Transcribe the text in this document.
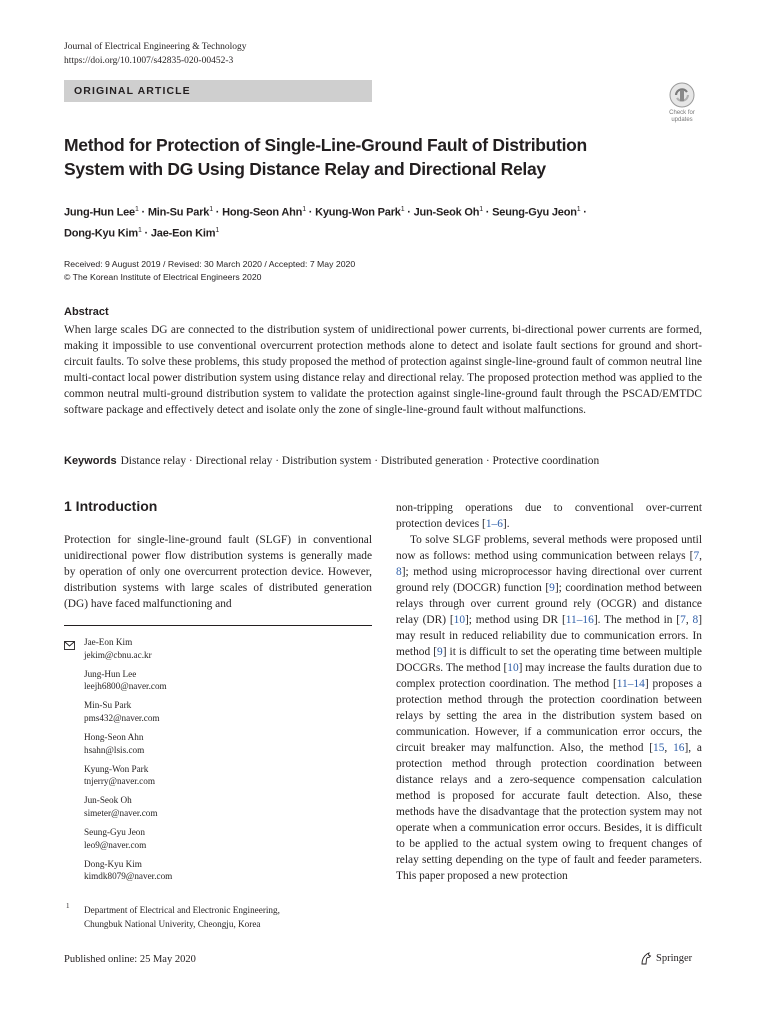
Journal of Electrical Engineering & Technology
https://doi.org/10.1007/s42835-020-00452-3
ORIGINAL ARTICLE
Check for
updates
Method for Protection of Single-Line-Ground Fault of Distribution
System with DG Using Distance Relay and Directional Relay
Jung-Hun Lee$^1$ · Min-Su Park$^1$ · Hong-Seon Ahn$^1$ · Kyung-Won Park$^1$ · Jun-Seok $Oh^1$ · Seung-Gyu Jeon$^1$ ·
Dong-Kyu Kim$^1$ · Jae-Eon Kim$^1$
Received: 9 August 2019 / Revised: 30 March 2020 / Accepted: 7 May 2020
© The Korean Institute of Electrical Engineers 2020
Abstract
When large scales DG are connected to the distribution system of unidirectional power currents, bi-directional power currents are formed, making it impossible to use conventional overcurrent protection methods alone to detect and isolate fault sections for ground and short-circuit faults. To solve these problems, this study proposed the method of protection against single-line-ground fault of common neutral line multi-contact local power distribution system using distance relay and directional relay. The proposed protection method was applied to the common neutral multi-ground distribution system to validate the protection against single-line-ground fault through the PSCAD/EMTDC software package and effectively detect and isolate only the zone of single-line-ground fault without malfunctions.
Keywords Distance relay · Directional relay · Distribution system · Distributed generation · Protective coordination
1 Introduction
Protection for single-line-ground fault (SLGF) in conventional unidirectional power flow distribution systems is generally made by operation of only one overcurrent protection device. However, distribution systems with large scales of distributed generation (DG) have faced malfunctioning and
Jae-Eon Kim
jekim@cbnu.ac.kr
Jung-Hun Lee
leejh6800@naver.com
Min-Su Park
pms432@naver.com
Hong-Seon Ahn
hsahn@lsis.com
Kyung-Won Park
tnjerry@naver.com
Jun-Seok Oh
simeter@naver.com
Seung-Gyu Jeon
leo9@naver.com
Dong-Kyu Kim
kimdk8079@naver.com
1 Department of Electrical and Electronic Engineering,
Chungbuk National Univerity, Cheongju, Korea

non-tripping operations due to conventional over-current protection devices [1–6].

To solve SLGF problems, several methods were proposed until now as follows: method using communication between relays [7, 8]; method using microprocessor having directional over current ground rely (DOCGR) function [9]; coordination method between relays through over current ground rely (OCGR) and distance relay (DR) [10]; method using DR [11–16]. The method in [7, 8] may result in reduced reliability due to communication errors. In method [9] it is difficult to set the operating time between multiple DOCGRs. The method [10] may increase the faults duration due to complex protection coordination. The method [11–14] proposes a protection method through the protection coordination between relays by setting the area in the distribution system based on communication. However, if a communication error occurs, the circuit breaker may malfunction. Also, the method [15, 16], a protection method through protection coordination between distance relays and a zero-sequence compensation calculation method is proposed for accurate fault detection. Also, these methods have the disadvantage that the protection system may not operate when a communication error occurs. Besides, it is difficult to be applied to the actual system owing to frequent changes of relay setting depending on the type of fault and feeder parameters. This paper proposed a new protection

Published online: 25 May 2020	Springer
